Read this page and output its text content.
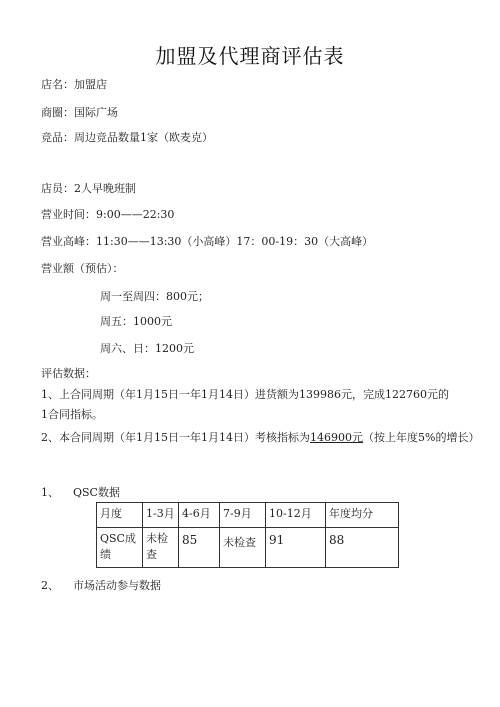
加盟及代理商评估表
店名：加盟店
商圈：国际广场
竞品：周边竞品数量1家（欧麦克）
店员：2人早晚班制
营业时间：9:00——22:30
营业高峰：11:30——13:30（小高峰）17：00-19：30（大高峰）
营业额（预估）：
周一至周四：800元；
周五：1000元
周六、日：1200元
评估数据：
1、上合同周期（年1月15日一年1月14日）进货额为139986元，完成122760元的1合同指标。
2、本合同周期（年1月15日一年1月14日）考核指标为146900元（按上年度5%的增长）
1、 QSC数据
月度	1-3月	4-6月	7-9月	10-12月	年度均分
QSC成绩	未检查	85	未检查	91	88
2、 市场活动参与数据
